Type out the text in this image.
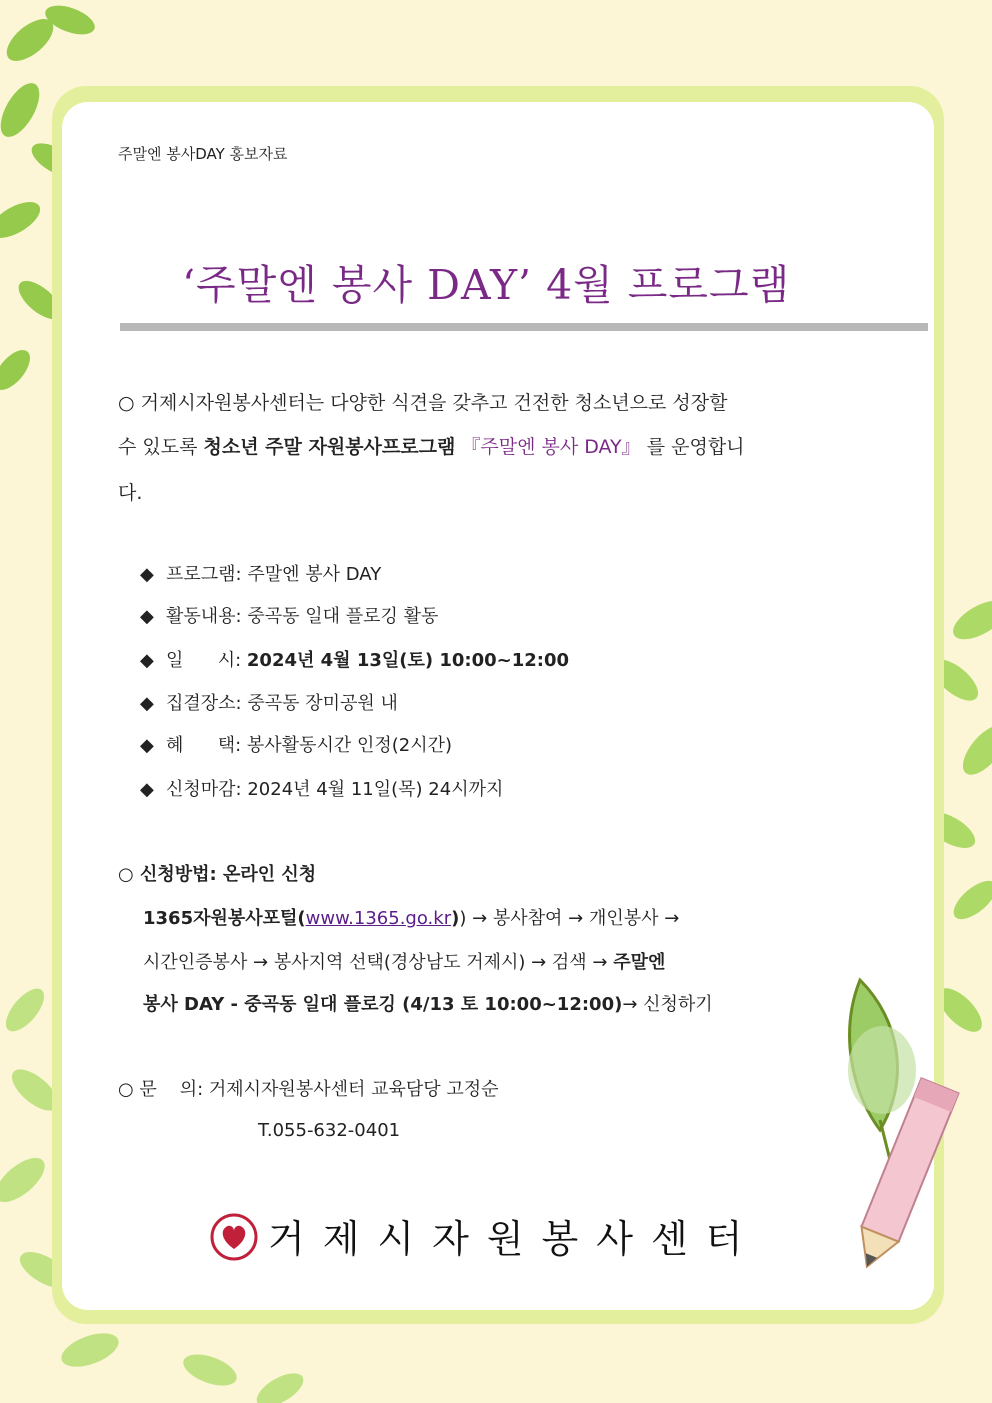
주말엔 봉사DAY 홍보자료
‘주말엔 봉사 DAY’ 4월 프로그램
○ 거제시자원봉사센터는 다양한 식견을 갖추고 건전한 청소년으로 성장할
수 있도록 청소년 주말 자원봉사프로그램 『주말엔 봉사 DAY』 를 운영합니
다.
◆ 프로그램: 주말엔 봉사 DAY
◆ 활동내용: 중곡동 일대 플로깅 활동
◆ 일      시: 2024년 4월 13일(토) 10:00~12:00
◆ 집결장소: 중곡동 장미공원 내
◆ 혜      택: 봉사활동시간 인정(2시간)
◆ 신청마감: 2024년 4월 11일(목) 24시까지
○ 신청방법: 온라인 신청
1365자원봉사포털(www.1365.go.kr)) → 봉사참여 → 개인봉사 →
시간인증봉사 → 봉사지역 선택(경상남도 거제시) → 검색 → 주말엔
봉사 DAY - 중곡동 일대 플로깅 (4/13 토 10:00~12:00)→ 신청하기
○ 문    의: 거제시자원봉사센터 교육담당 고정순
T.055-632-0401
거제시자원봉사센터
